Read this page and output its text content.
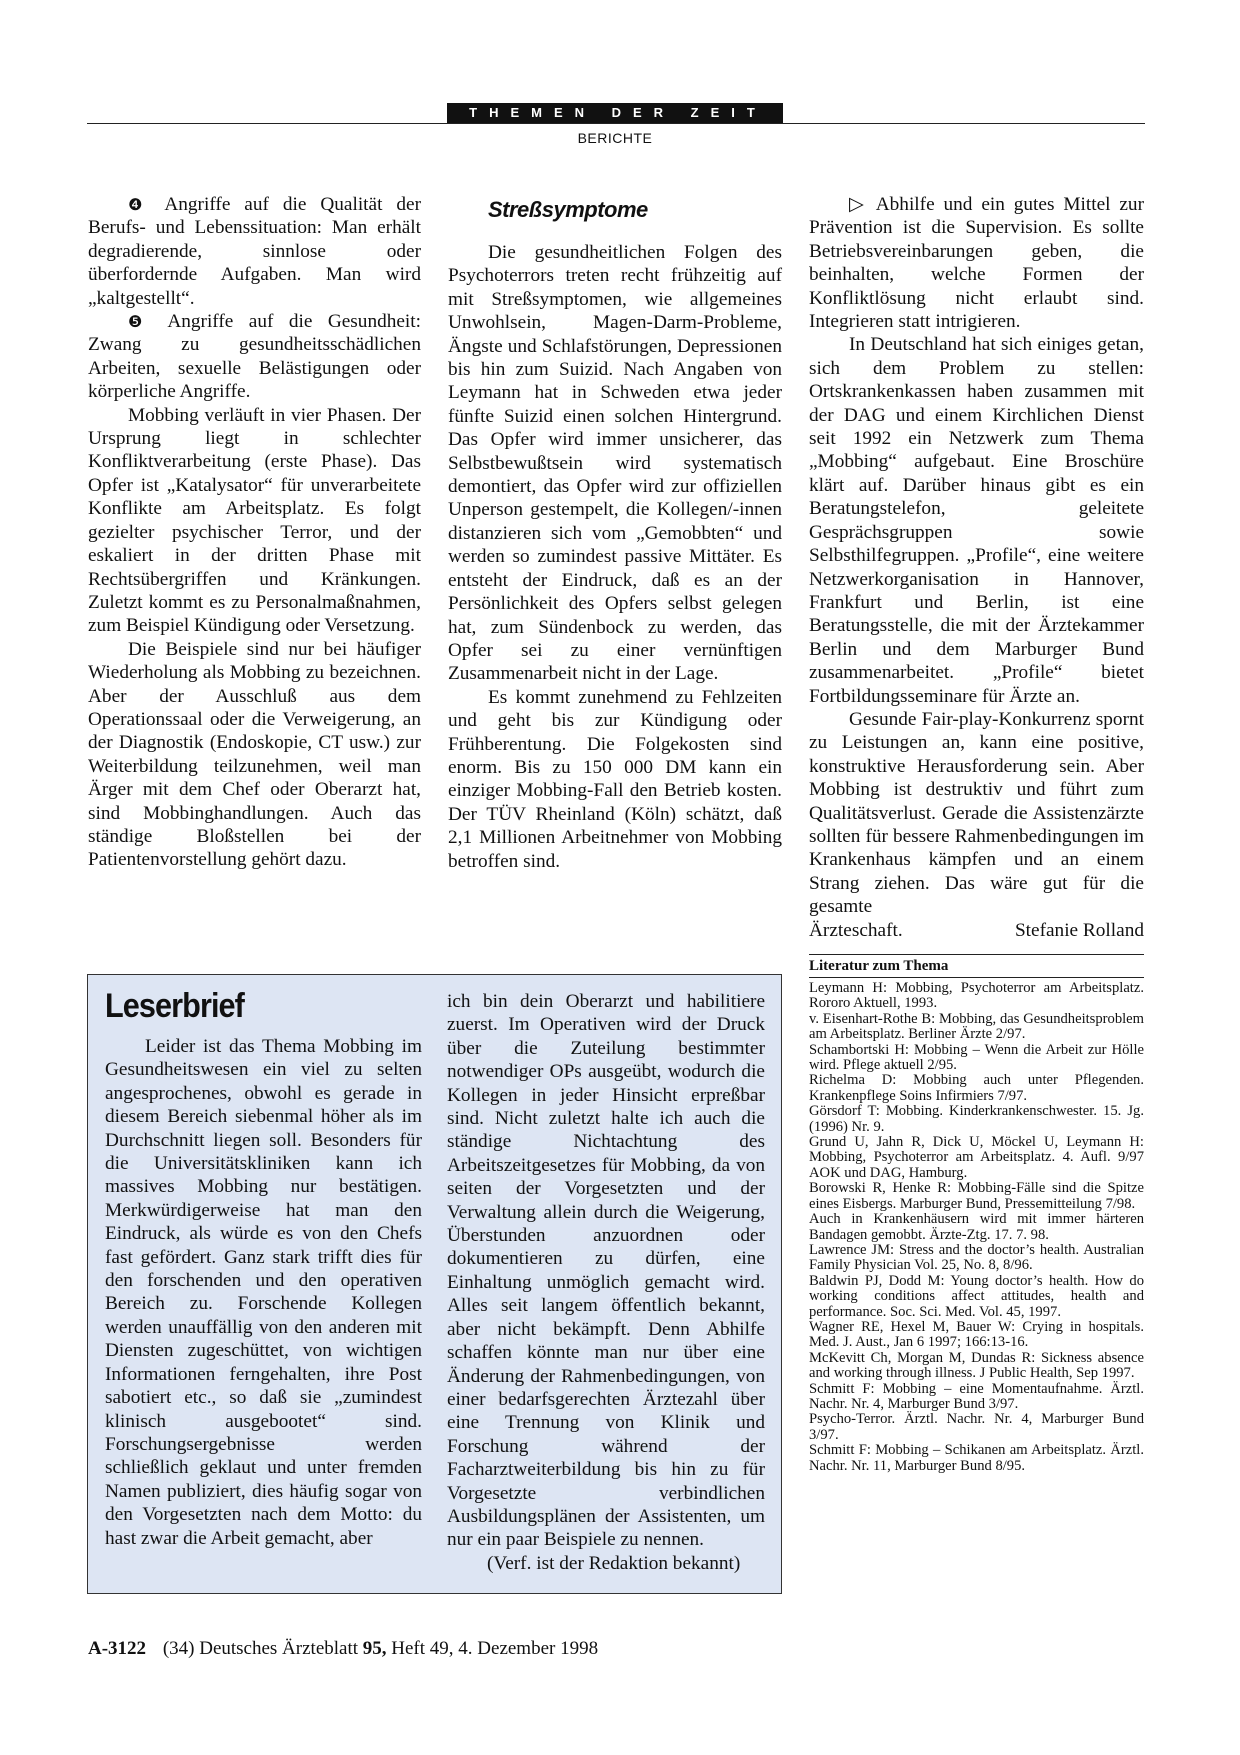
THEMEN DER ZEIT
BERICHTE

❹ Angriffe auf die Qualität der Berufs- und Lebenssituation: Man erhält degradierende, sinnlose oder überfordernde Aufgaben. Man wird „kaltgestellt“.

❺ Angriffe auf die Gesundheit: Zwang zu gesundheitsschädlichen Arbeiten, sexuelle Belästigungen oder körperliche Angriffe.

Mobbing verläuft in vier Phasen. Der Ursprung liegt in schlechter Konfliktverarbeitung (erste Phase). Das Opfer ist „Katalysator“ für unverarbeitete Konflikte am Arbeitsplatz. Es folgt gezielter psychischer Terror, und der eskaliert in der dritten Phase mit Rechtsübergriffen und Kränkungen. Zuletzt kommt es zu Personalmaßnahmen, zum Beispiel Kündigung oder Versetzung.

Die Beispiele sind nur bei häufiger Wiederholung als Mobbing zu bezeichnen. Aber der Ausschluß aus dem Operationssaal oder die Verweigerung, an der Diagnostik (Endoskopie, CT usw.) zur Weiterbildung teilzunehmen, weil man Ärger mit dem Chef oder Oberarzt hat, sind Mobbinghandlungen. Auch das ständige Bloßstellen bei der Patientenvorstellung gehört dazu.

Streßsymptome

Die gesundheitlichen Folgen des Psychoterrors treten recht frühzeitig auf mit Streßsymptomen, wie allgemeines Unwohlsein, Magen-Darm-Probleme, Ängste und Schlafstörungen, Depressionen bis hin zum Suizid. Nach Angaben von Leymann hat in Schweden etwa jeder fünfte Suizid einen solchen Hintergrund. Das Opfer wird immer unsicherer, das Selbstbewußtsein wird systematisch demontiert, das Opfer wird zur offiziellen Unperson gestempelt, die Kollegen/-innen distanzieren sich vom „Gemobbten“ und werden so zumindest passive Mittäter. Es entsteht der Eindruck, daß es an der Persönlichkeit des Opfers selbst gelegen hat, zum Sündenbock zu werden, das Opfer sei zu einer vernünftigen Zusammenarbeit nicht in der Lage.

Es kommt zunehmend zu Fehlzeiten und geht bis zur Kündigung oder Frühberentung. Die Folgekosten sind enorm. Bis zu 150 000 DM kann ein einziger Mobbing-Fall den Betrieb kosten. Der TÜV Rheinland (Köln) schätzt, daß 2,1 Millionen Arbeitnehmer von Mobbing betroffen sind.

▷ Abhilfe und ein gutes Mittel zur Prävention ist die Supervision. Es sollte Betriebsvereinbarungen geben, die beinhalten, welche Formen der Konfliktlösung nicht erlaubt sind. Integrieren statt intrigieren.

In Deutschland hat sich einiges getan, sich dem Problem zu stellen: Ortskrankenkassen haben zusammen mit der DAG und einem Kirchlichen Dienst seit 1992 ein Netzwerk zum Thema „Mobbing“ aufgebaut. Eine Broschüre klärt auf. Darüber hinaus gibt es ein Beratungstelefon, geleitete Gesprächsgruppen sowie Selbsthilfegruppen. „Profile“, eine weitere Netzwerkorganisation in Hannover, Frankfurt und Berlin, ist eine Beratungsstelle, die mit der Ärztekammer Berlin und dem Marburger Bund zusammenarbeitet. „Profile“ bietet Fortbildungsseminare für Ärzte an.

Gesunde Fair-play-Konkurrenz spornt zu Leistungen an, kann eine positive, konstruktive Herausforderung sein. Aber Mobbing ist destruktiv und führt zum Qualitätsverlust. Gerade die Assistenzärzte sollten für bessere Rahmenbedingungen im Krankenhaus kämpfen und an einem Strang ziehen. Das wäre gut für die gesamte

Ärzteschaft.	Stefanie Rolland
Literatur zum Thema

Leymann H: Mobbing, Psychoterror am Arbeitsplatz. Rororo Aktuell, 1993.

v. Eisenhart-Rothe B: Mobbing, das Gesundheitsproblem am Arbeitsplatz. Berliner Ärzte 2/97.

Schambortski H: Mobbing – Wenn die Arbeit zur Hölle wird. Pflege aktuell 2/95.

Richelma D: Mobbing auch unter Pflegenden. Krankenpflege Soins Infirmiers 7/97.

Görsdorf T: Mobbing. Kinderkrankenschwester. 15. Jg. (1996) Nr. 9.

Grund U, Jahn R, Dick U, Möckel U, Leymann H: Mobbing, Psychoterror am Arbeitsplatz. 4. Aufl. 9/97 AOK und DAG, Hamburg.

Borowski R, Henke R: Mobbing-Fälle sind die Spitze eines Eisbergs. Marburger Bund, Pressemitteilung 7/98.

Auch in Krankenhäusern wird mit immer härteren Bandagen gemobbt. Ärzte-Ztg. 17. 7. 98.

Lawrence JM: Stress and the doctor’s health. Australian Family Physician Vol. 25, No. 8, 8/96.

Baldwin PJ, Dodd M: Young doctor’s health. How do working conditions affect attitudes, health and performance. Soc. Sci. Med. Vol. 45, 1997.

Wagner RE, Hexel M, Bauer W: Crying in hospitals. Med. J. Aust., Jan 6 1997; 166:13-16.

McKevitt Ch, Morgan M, Dundas R: Sickness absence and working through illness. J Public Health, Sep 1997.

Schmitt F: Mobbing – eine Momentaufnahme. Ärztl. Nachr. Nr. 4, Marburger Bund 3/97.

Psycho-Terror. Ärztl. Nachr. Nr. 4, Marburger Bund 3/97.

Schmitt F: Mobbing – Schikanen am Arbeitsplatz. Ärztl. Nachr. Nr. 11, Marburger Bund 8/95.

Leserbrief

Leider ist das Thema Mobbing im Gesundheitswesen ein viel zu selten angesprochenes, obwohl es gerade in diesem Bereich siebenmal höher als im Durchschnitt liegen soll. Besonders für die Universitätskliniken kann ich massives Mobbing nur bestätigen. Merkwürdigerweise hat man den Eindruck, als würde es von den Chefs fast gefördert. Ganz stark trifft dies für den forschenden und den operativen Bereich zu. Forschende Kollegen werden unauffällig von den anderen mit Diensten zugeschüttet, von wichtigen Informationen ferngehalten, ihre Post sabotiert etc., so daß sie „zumindest klinisch ausgebootet“ sind. Forschungsergebnisse werden schließlich geklaut und unter fremden Namen publiziert, dies häufig sogar von den Vorgesetzten nach dem Motto: du hast zwar die Arbeit gemacht, aber

ich bin dein Oberarzt und habilitiere zuerst. Im Operativen wird der Druck über die Zuteilung bestimmter notwendiger OPs ausgeübt, wodurch die Kollegen in jeder Hinsicht erpreßbar sind. Nicht zuletzt halte ich auch die ständige Nichtachtung des Arbeitszeitgesetzes für Mobbing, da von seiten der Vorgesetzten und der Verwaltung allein durch die Weigerung, Überstunden anzuordnen oder dokumentieren zu dürfen, eine Einhaltung unmöglich gemacht wird. Alles seit langem öffentlich bekannt, aber nicht bekämpft. Denn Abhilfe schaffen könnte man nur über eine Änderung der Rahmenbedingungen, von einer bedarfsgerechten Ärztezahl über eine Trennung von Klinik und Forschung während der Facharztweiterbildung bis hin zu für Vorgesetzte verbindlichen Ausbildungsplänen der Assistenten, um nur ein paar Beispiele zu nennen.

(Verf. ist der Redaktion bekannt)

A-3122 (34) Deutsches Ärzteblatt 95, Heft 49, 4. Dezember 1998
